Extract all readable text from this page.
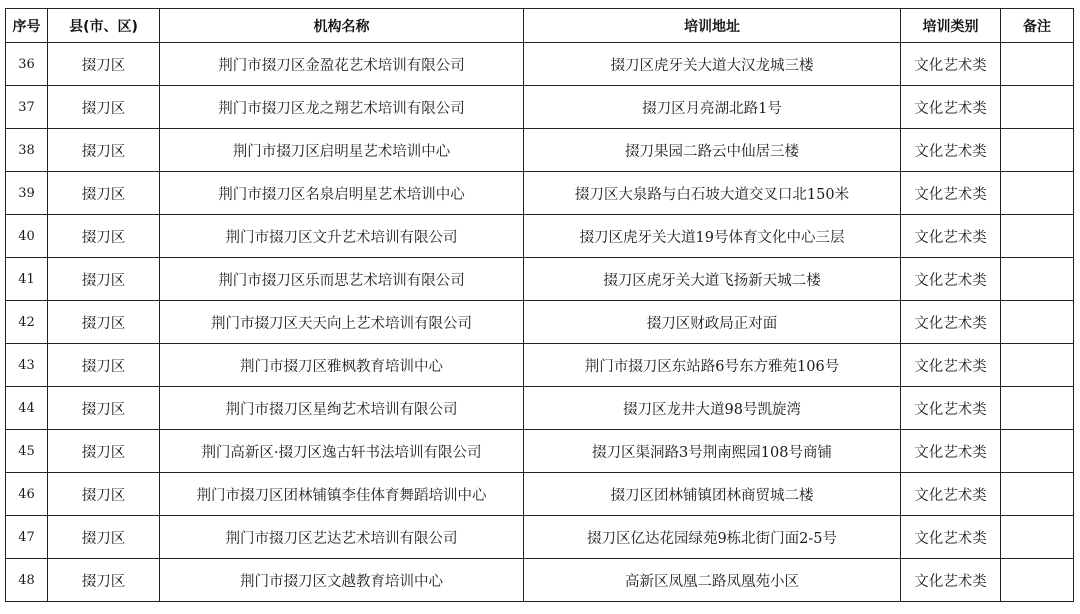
序号	县(市、区)	机构名称	培训地址	培训类别	备注
36	掇刀区	荆门市掇刀区金盈花艺术培训有限公司	掇刀区虎牙关大道大汉龙城三楼	文化艺术类	
37	掇刀区	荆门市掇刀区龙之翔艺术培训有限公司	掇刀区月亮湖北路1号	文化艺术类	
38	掇刀区	荆门市掇刀区启明星艺术培训中心	掇刀果园二路云中仙居三楼	文化艺术类	
39	掇刀区	荆门市掇刀区名泉启明星艺术培训中心	掇刀区大泉路与白石坡大道交叉口北150米	文化艺术类	
40	掇刀区	荆门市掇刀区文升艺术培训有限公司	掇刀区虎牙关大道19号体育文化中心三层	文化艺术类	
41	掇刀区	荆门市掇刀区乐而思艺术培训有限公司	掇刀区虎牙关大道飞扬新天城二楼	文化艺术类	
42	掇刀区	荆门市掇刀区天天向上艺术培训有限公司	掇刀区财政局正对面	文化艺术类	
43	掇刀区	荆门市掇刀区雅枫教育培训中心	荆门市掇刀区东站路6号东方雅苑106号	文化艺术类	
44	掇刀区	荆门市掇刀区星绚艺术培训有限公司	掇刀区龙井大道98号凯旋湾	文化艺术类	
45	掇刀区	荆门高新区·掇刀区逸古轩书法培训有限公司	掇刀区渠洞路3号荆南熙园108号商铺	文化艺术类	
46	掇刀区	荆门市掇刀区团林铺镇李佳体育舞蹈培训中心	掇刀区团林铺镇团林商贸城二楼	文化艺术类	
47	掇刀区	荆门市掇刀区艺达艺术培训有限公司	掇刀区亿达花园绿苑9栋北街门面2-5号	文化艺术类	
48	掇刀区	荆门市掇刀区文越教育培训中心	高新区凤凰二路凤凰苑小区	文化艺术类	
